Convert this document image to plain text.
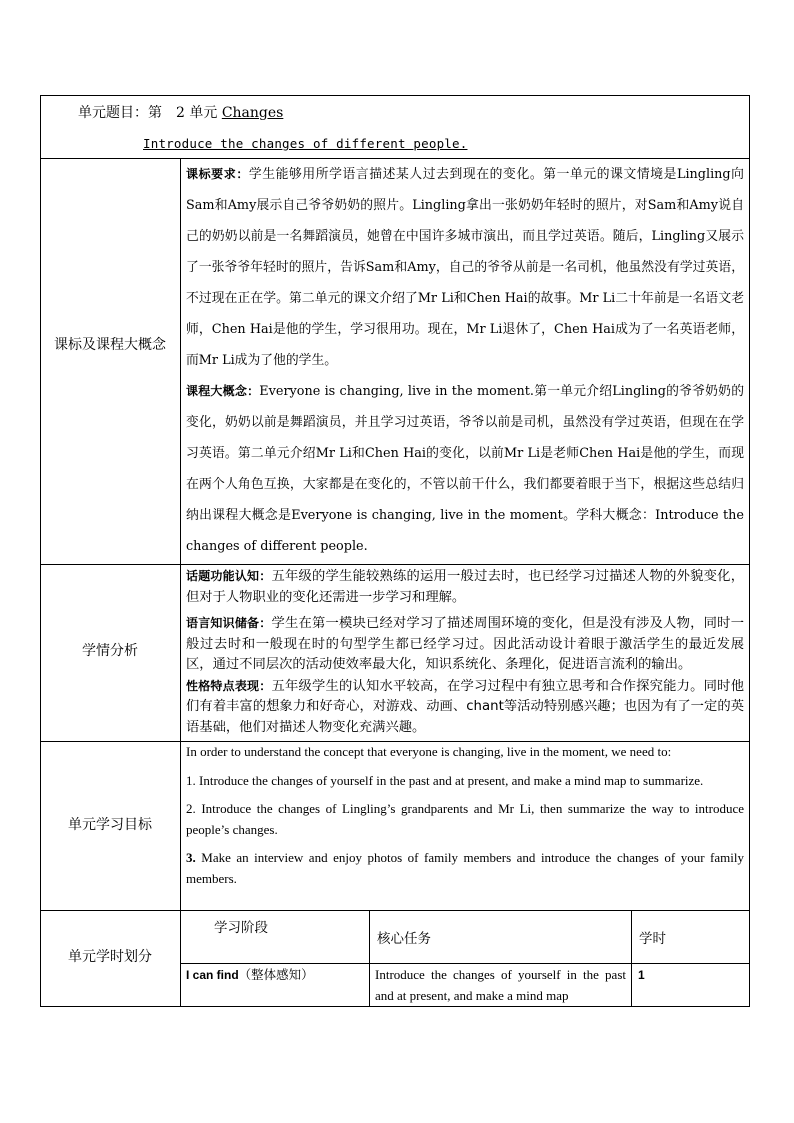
单元题目：第　2 单元 Changes
Introduce the changes of different people.
课标及课程大概念
课标要求：学生能够用所学语言描述某人过去到现在的变化。第一单元的课文情境是Lingling向Sam和Amy展示自己爷爷奶奶的照片。Lingling拿出一张奶奶年轻时的照片，对Sam和Amy说自己的奶奶以前是一名舞蹈演员，她曾在中国许多城市演出，而且学过英语。随后，Lingling又展示了一张爷爷年轻时的照片，告诉Sam和Amy，自己的爷爷从前是一名司机，他虽然没有学过英语，不过现在正在学。第二单元的课文介绍了Mr Li和Chen Hai的故事。Mr Li二十年前是一名语文老师，Chen Hai是他的学生，学习很用功。现在，Mr Li退休了，Chen Hai成为了一名英语老师，而Mr Li成为了他的学生。
课程大概念：Everyone is changing, live in the moment.第一单元介绍Lingling的爷爷奶奶的变化，奶奶以前是舞蹈演员，并且学习过英语，爷爷以前是司机，虽然没有学过英语，但现在在学习英语。第二单元介绍Mr Li和Chen Hai的变化，以前Mr Li是老师Chen Hai是他的学生，而现在两个人角色互换，大家都是在变化的，不管以前干什么，我们都要着眼于当下，根据这些总结归纳出课程大概念是Everyone is changing, live in the moment。学科大概念：Introduce the changes of different people.
学情分析
话题功能认知：五年级的学生能较熟练的运用一般过去时，也已经学习过描述人物的外貌变化，但对于人物职业的变化还需进一步学习和理解。
语言知识储备：学生在第一模块已经对学习了描述周围环境的变化，但是没有涉及人物，同时一般过去时和一般现在时的句型学生都已经学习过。因此活动设计着眼于激活学生的最近发展区，通过不同层次的活动使效率最大化，知识系统化、条理化，促进语言流利的输出。
性格特点表现：五年级学生的认知水平较高，在学习过程中有独立思考和合作探究能力。同时他们有着丰富的想象力和好奇心，对游戏、动画、chant等活动特别感兴趣；也因为有了一定的英语基础，他们对描述人物变化充满兴趣。
单元学习目标

In order to understand the concept that everyone is changing, live in the moment, we need to:

1. Introduce the changes of yourself in the past and at present, and make a mind map to summarize.

2. Introduce the changes of Lingling’s grandparents and Mr Li, then summarize the way to introduce people’s changes.

3. Make an interview and enjoy photos of family members and introduce the changes of your family members.

单元学时划分
学习阶段
核心任务	学时
I can find（整体感知）	Introduce the changes of yourself in the past and at present, and make a mind map
1
